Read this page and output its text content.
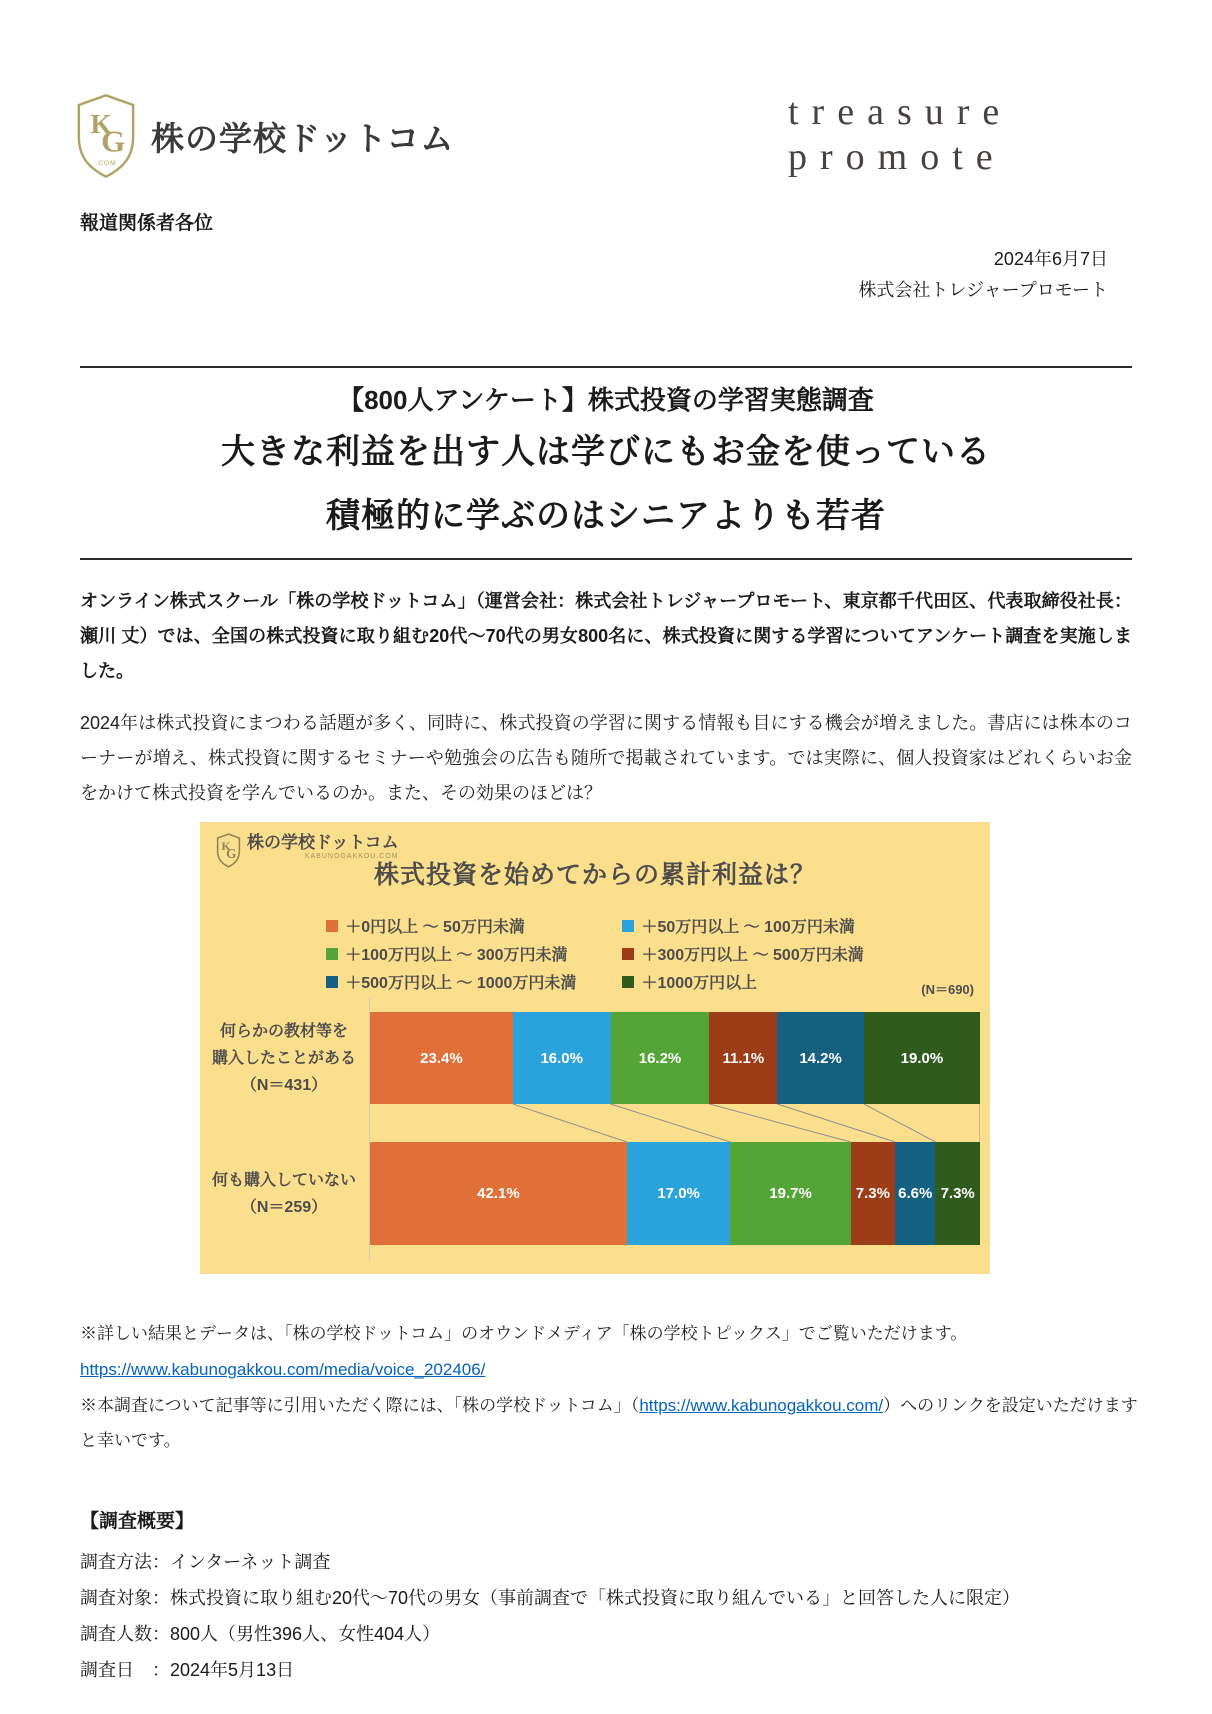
K
G
.COM
株の学校ドットコム
treasure
promote
報道関係者各位
2024年6月7日
株式会社トレジャープロモート
【800人アンケート】株式投資の学習実態調査
大きな利益を出す人は学びにもお金を使っている
積極的に学ぶのはシニアよりも若者
オンライン株式スクール「株の学校ドットコム」（運営会社：株式会社トレジャープロモート、東京都千代田区、代表取締役社長：瀬川 丈）では、全国の株式投資に取り組む20代～70代の男女800名に、株式投資に関する学習についてアンケート調査を実施しました。
2024年は株式投資にまつわる話題が多く、同時に、株式投資の学習に関する情報も目にする機会が増えました。書店には株本のコーナーが増え、株式投資に関するセミナーや勉強会の広告も随所で掲載されています。では実際に、個人投資家はどれくらいお金をかけて株式投資を学んでいるのか。また、その効果のほどは？
K
G
株の学校ドットコム
KABUNOGAKKOU.COM
株式投資を始めてからの累計利益は？
＋0円以上 ～ 50万円未満	＋50万円以上 ～ 100万円未満
＋100万円以上 ～ 300万円未満	＋300万円以上 ～ 500万円未満
＋500万円以上 ～ 1000万円未満	＋1000万円以上	(N＝690)
何らかの教材等を
購入したことがある
（N＝431）
23.4%	16.0%	16.2%	11.1% 14.2%	19.0%
何も購入していない
（N＝259）
42.1%	17.0%	19.7%	7.3% 6.6% 7.3%
※詳しい結果とデータは、「株の学校ドットコム」のオウンドメディア「株の学校トピックス」でご覧いただけます。
https://www.kabunogakkou.com/media/voice_202406/
※本調査について記事等に引用いただく際には、「株の学校ドットコム」（https://www.kabunogakkou.com/）へのリンクを設定いただけますと幸いです。
【調査概要】
調査方法：インターネット調査
調査対象：株式投資に取り組む20代～70代の男女（事前調査で「株式投資に取り組んでいる」と回答した人に限定）
調査人数：800人（男性396人、女性404人）
調査日　：2024年5月13日
